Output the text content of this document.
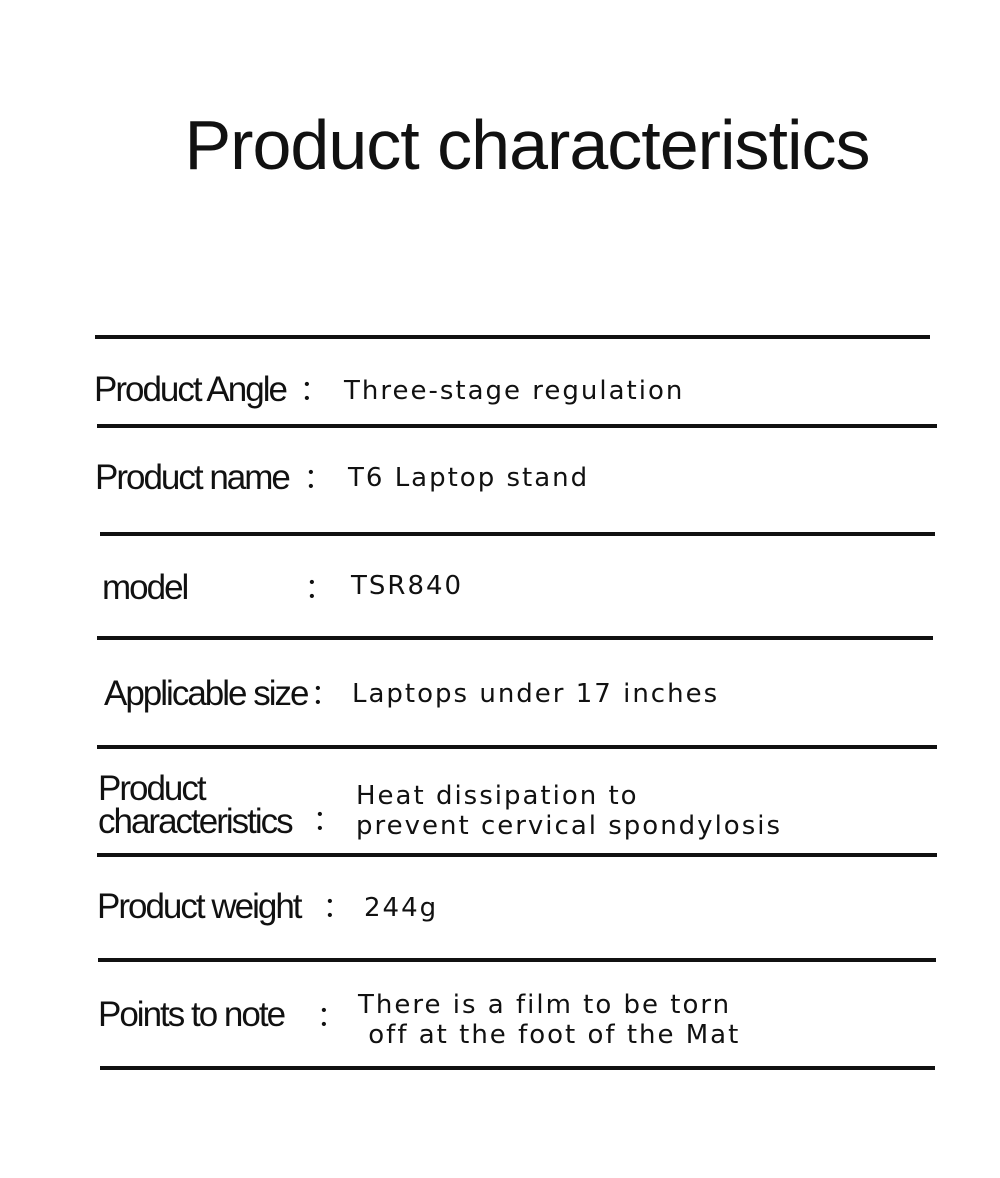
Product characteristics
Product Angle ： Three-stage regulation
Product name ： T6 Laptop stand
model	： TSR840
Applicable size ： Laptops under 17 inches
Product
characteristics ：
Heat dissipation to
prevent cervical spondylosis
Product weight ： 244g
Points to note ： There is a film to be torn
off at the foot of the Mat
